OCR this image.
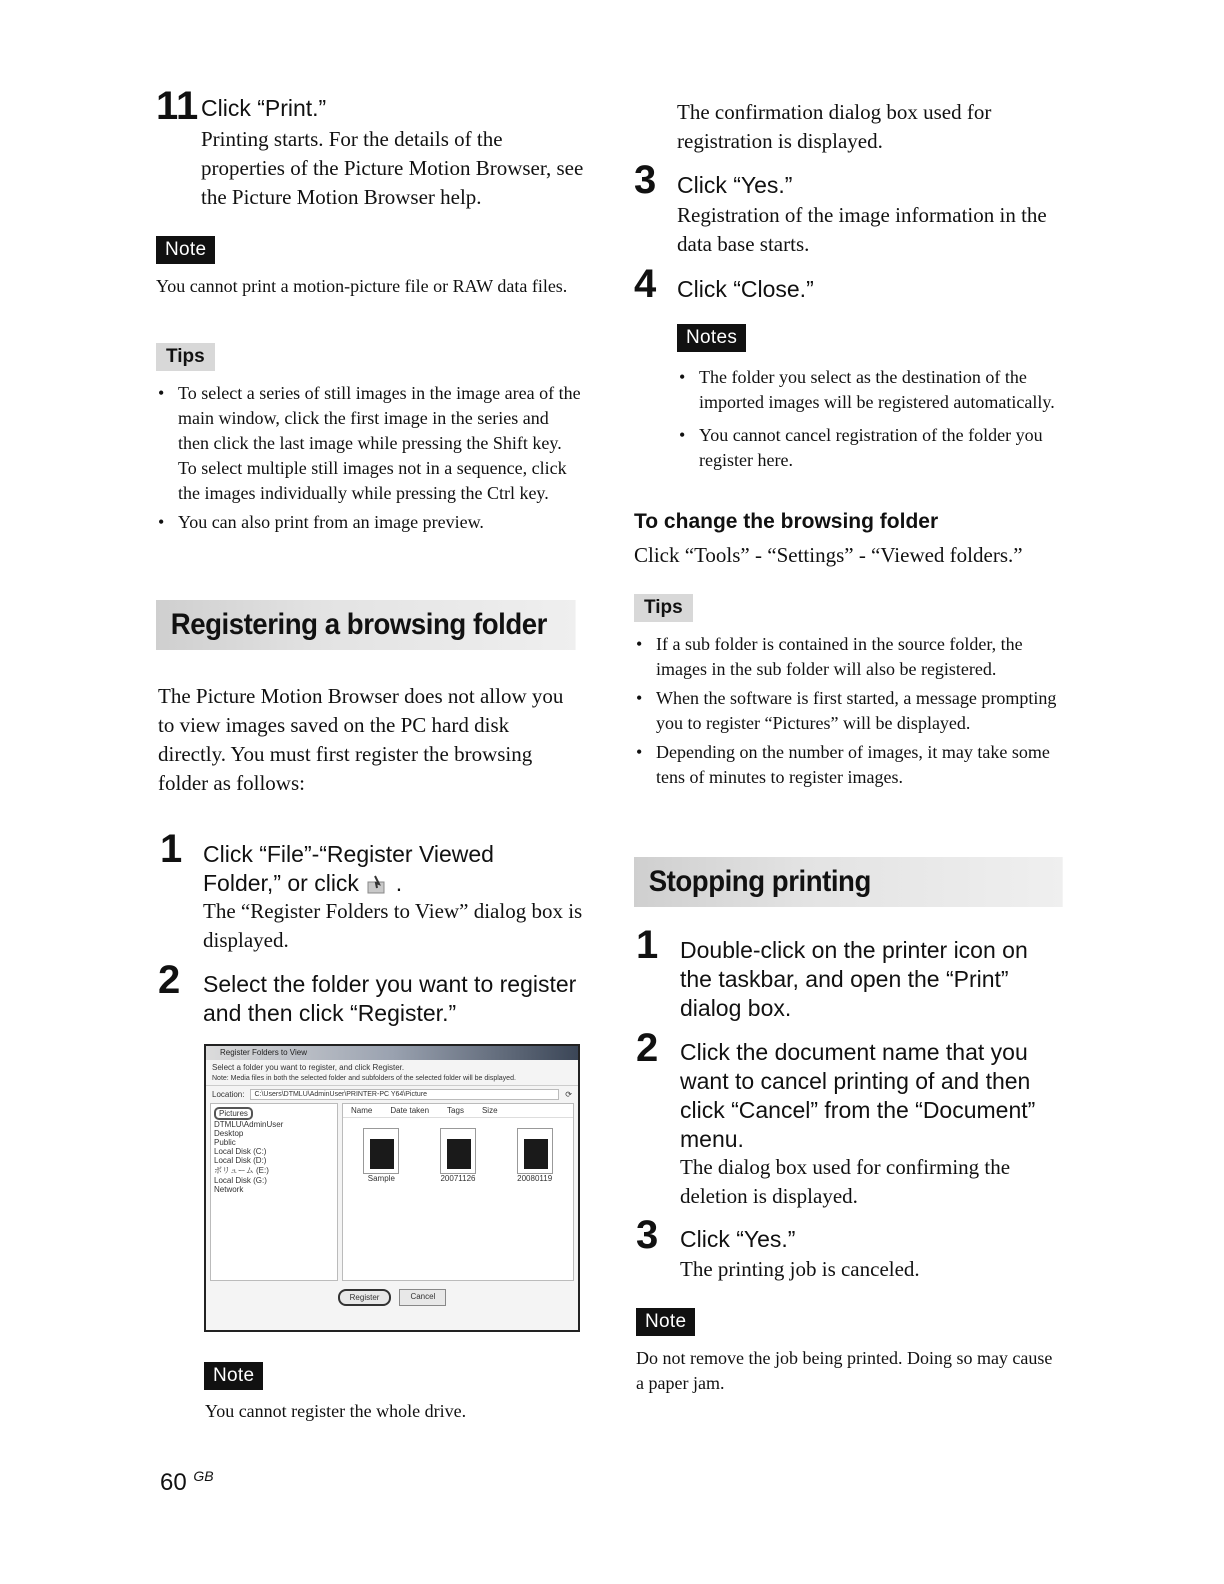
11 Click “Print.”
Printing starts. For the details of the properties of the Picture Motion Browser, see the Picture Motion Browser help.
Note
You cannot print a motion-picture file or RAW data files.
Tips
• To select a series of still images in the image area of the main window, click the first image in the series and then click the last image while pressing the Shift key. To select multiple still images not in a sequence, click the images individually while pressing the Ctrl key.
• You can also print from an image preview.
Registering a browsing folder
The Picture Motion Browser does not allow you to view images saved on the PC hard disk directly. You must first register the browsing folder as follows:
1 Click “File”-“Register Viewed
Folder,” or click .
The “Register Folders to View” dialog box is displayed.
2 Select the folder you want to register and then click “Register.”
Register Folders to View
Select a folder you want to register, and click Register.
Note: Media files in both the selected folder and subfolders of the selected folder will be displayed.
Location:	C:\Users\DTMLU\AdminUser\PRINTER-PC Y64\Picture	⟳
Pictures
DTMLU\AdminUser
Desktop
Public
Local Disk (C:)
Local Disk (D:)
ボリューム (E:)
Local Disk (G:)
Network
Name Date taken Tags Size
Sample	20071126	20080119
Register	Cancel
Note
You cannot register the whole drive.
60 $^{GB}$
The confirmation dialog box used for registration is displayed.
3 Click “Yes.”
Registration of the image information in the data base starts.
4 Click “Close.”
Notes
• The folder you select as the destination of the imported images will be registered automatically.
• You cannot cancel registration of the folder you register here.
To change the browsing folder
Click “Tools” - “Settings” - “Viewed folders.”
Tips
• If a sub folder is contained in the source folder, the images in the sub folder will also be registered.
• When the software is first started, a message prompting you to register “Pictures” will be displayed.
• Depending on the number of images, it may take some tens of minutes to register images.
Stopping printing
1 Double-click on the printer icon on the taskbar, and open the “Print” dialog box.
2 Click the document name that you want to cancel printing of and then click “Cancel” from the “Document” menu.
The dialog box used for confirming the deletion is displayed.
3 Click “Yes.”
The printing job is canceled.
Note
Do not remove the job being printed. Doing so may cause a paper jam.
